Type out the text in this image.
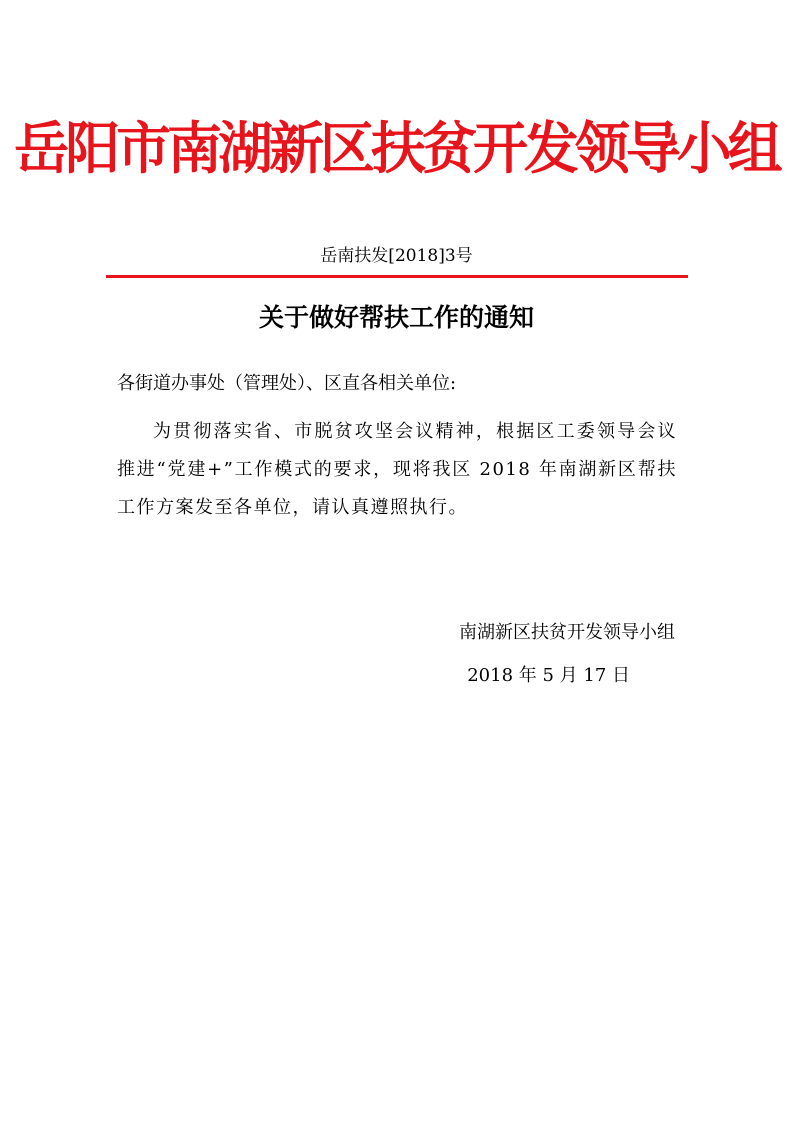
岳阳市南湖新区扶贫开发领导小组
岳南扶发[2018]3号
关于做好帮扶工作的通知
各街道办事处（管理处）、区直各相关单位:
为贯彻落实省、市脱贫攻坚会议精神，根据区工委领导会议推进“党建+”工作模式的要求，现将我区 2018 年南湖新区帮扶工作方案发至各单位，请认真遵照执行。
南湖新区扶贫开发领导小组
2018 年 5 月 17 日
